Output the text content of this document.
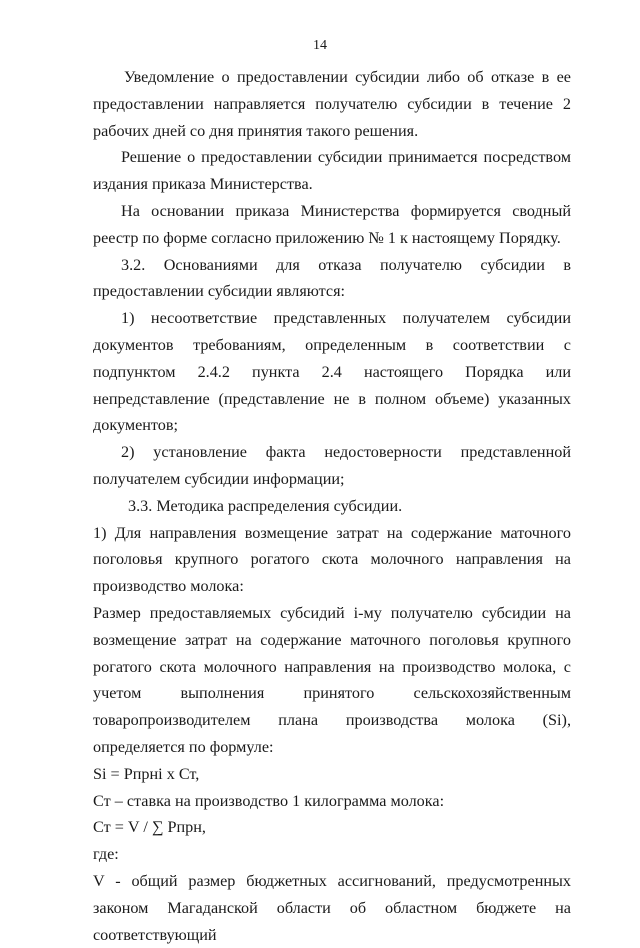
14

Уведомление о предоставлении субсидии либо об отказе в ее предоставлении направляется получателю субсидии в течение 2 рабочих дней со дня принятия такого решения.

Решение о предоставлении субсидии принимается посредством издания приказа Министерства.

На основании приказа Министерства формируется сводный реестр по форме согласно приложению № 1 к настоящему Порядку.

3.2. Основаниями для отказа получателю субсидии в предоставлении субсидии являются:

1) несоответствие представленных получателем субсидии документов требованиям, определенным в соответствии с подпунктом 2.4.2 пункта 2.4 настоящего Порядка или непредставление (представление не в полном объеме) указанных документов;

2) установление факта недостоверности представленной получателем субсидии информации;

3.3. Методика распределения субсидии.

1) Для направления возмещение затрат на содержание маточного поголовья крупного рогатого скота молочного направления на производство молока:

Размер предоставляемых субсидий i-му получателю субсидии на возмещение затрат на содержание маточного поголовья крупного рогатого скота молочного направления на производство молока, с учетом выполнения принятого сельскохозяйственным товаропроизводителем плана производства молока (Si), определяется по формуле:

Si = Рпрнi х Ст,

Ст – ставка на производство 1 килограмма молока:

Ст = V / ∑ Рпрн,

где:

V - общий размер бюджетных ассигнований, предусмотренных законом Магаданской области об областном бюджете на соответствующий
